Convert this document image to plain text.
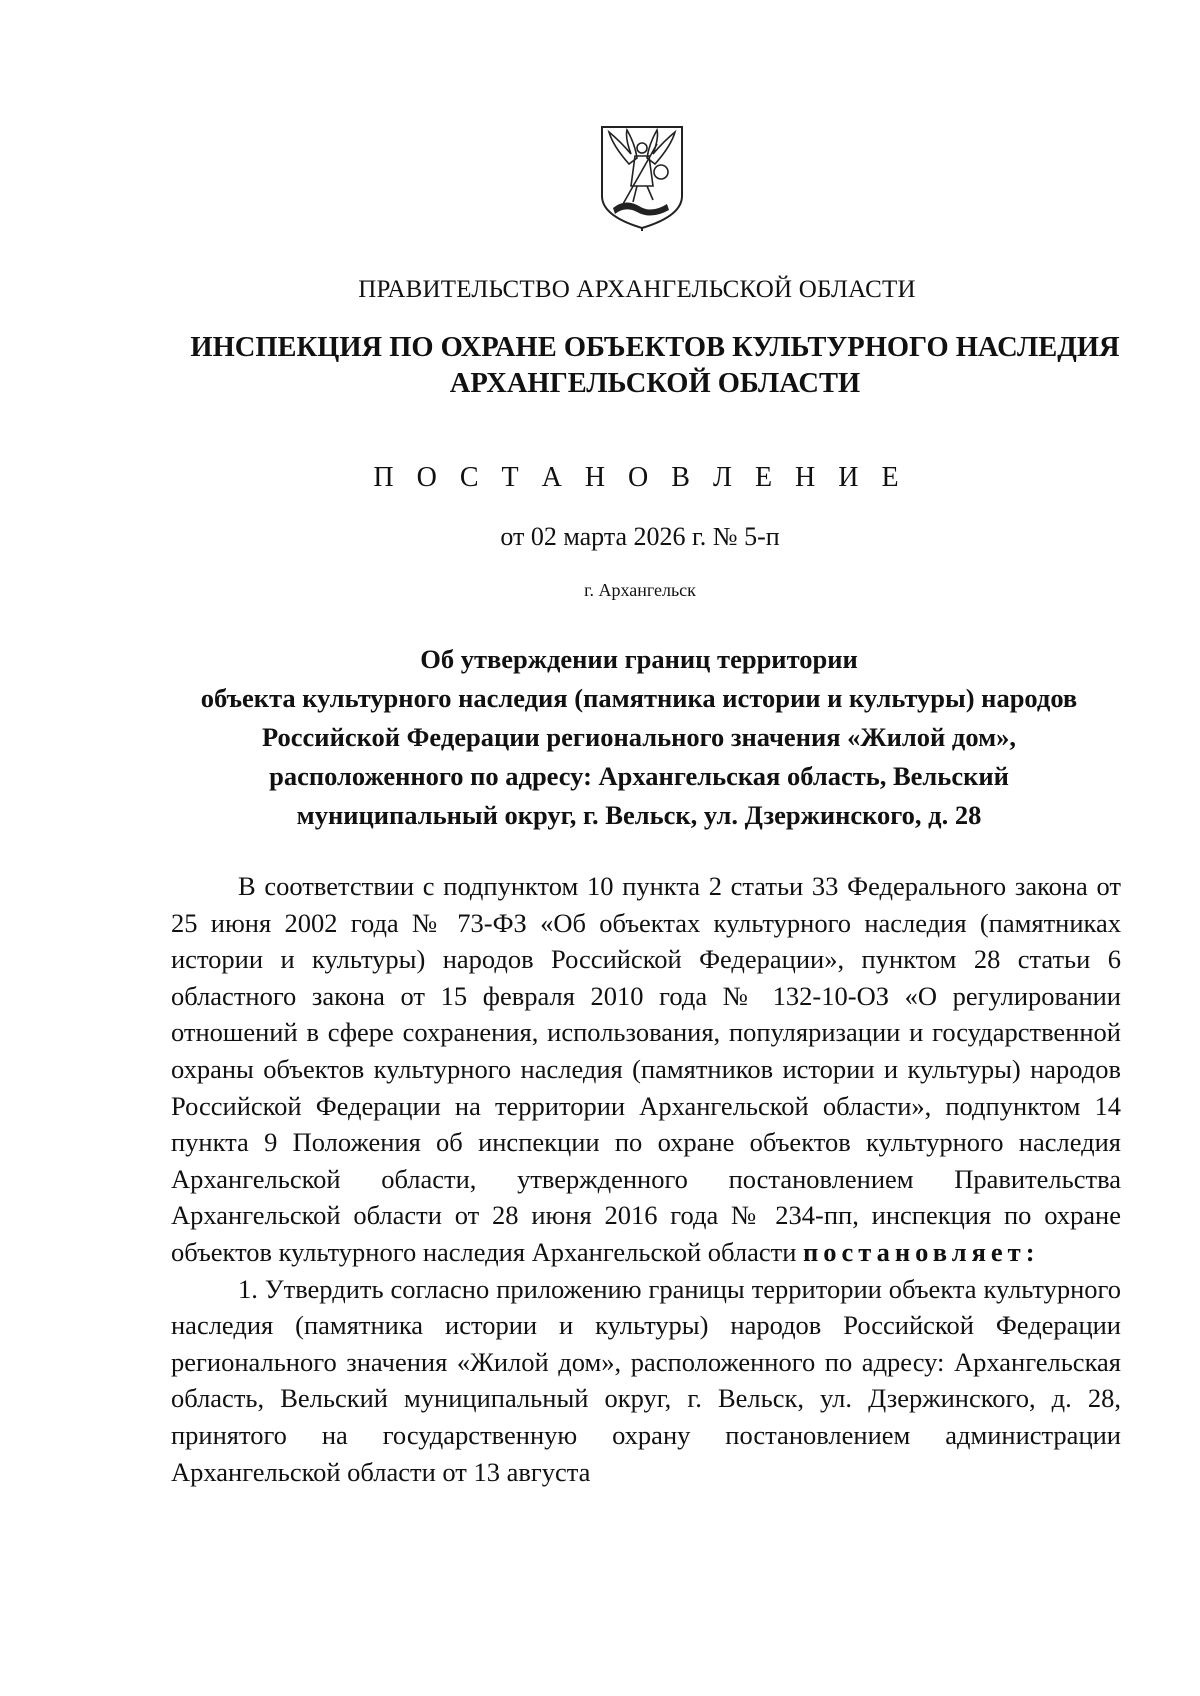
ПРАВИТЕЛЬСТВО АРХАНГЕЛЬСКОЙ ОБЛАСТИ
ИНСПЕКЦИЯ ПО ОХРАНЕ ОБЪЕКТОВ КУЛЬТУРНОГО НАСЛЕДИЯ
АРХАНГЕЛЬСКОЙ ОБЛАСТИ
П О С Т А Н О В Л Е Н И Е
от 02 марта 2026 г. № 5-п
г. Архангельск
Об утверждении границ территории
объекта культурного наследия (памятника истории и культуры) народов
Российской Федерации регионального значения «Жилой дом»,
расположенного по адресу: Архангельская область, Вельский
муниципальный округ, г. Вельск, ул. Дзержинского, д. 28

В соответствии с подпунктом 10 пункта 2 статьи 33 Федерального закона от 25 июня 2002 года № 73-ФЗ «Об объектах культурного наследия (памятниках истории и культуры) народов Российской Федерации», пунктом 28 статьи 6 областного закона от 15 февраля 2010 года № 132-10-ОЗ «О регулировании отношений в сфере сохранения, использования, популяризации и государственной охраны объектов культурного наследия (памятников истории и культуры) народов Российской Федерации на территории Архангельской области», подпунктом 14 пункта 9 Положения об инспекции по охране объектов культурного наследия Архангельской области, утвержденного постановлением Правительства Архангельской области от 28 июня 2016 года № 234-пп, инспекция по охране объектов культурного наследия Архангельской области постановляет:

1. Утвердить согласно приложению границы территории объекта культурного наследия (памятника истории и культуры) народов Российской Федерации регионального значения «Жилой дом», расположенного по адресу: Архангельская область, Вельский муниципальный округ, г. Вельск, ул. Дзержинского, д. 28, принятого на государственную охрану постановлением администрации Архангельской области от 13 августа
